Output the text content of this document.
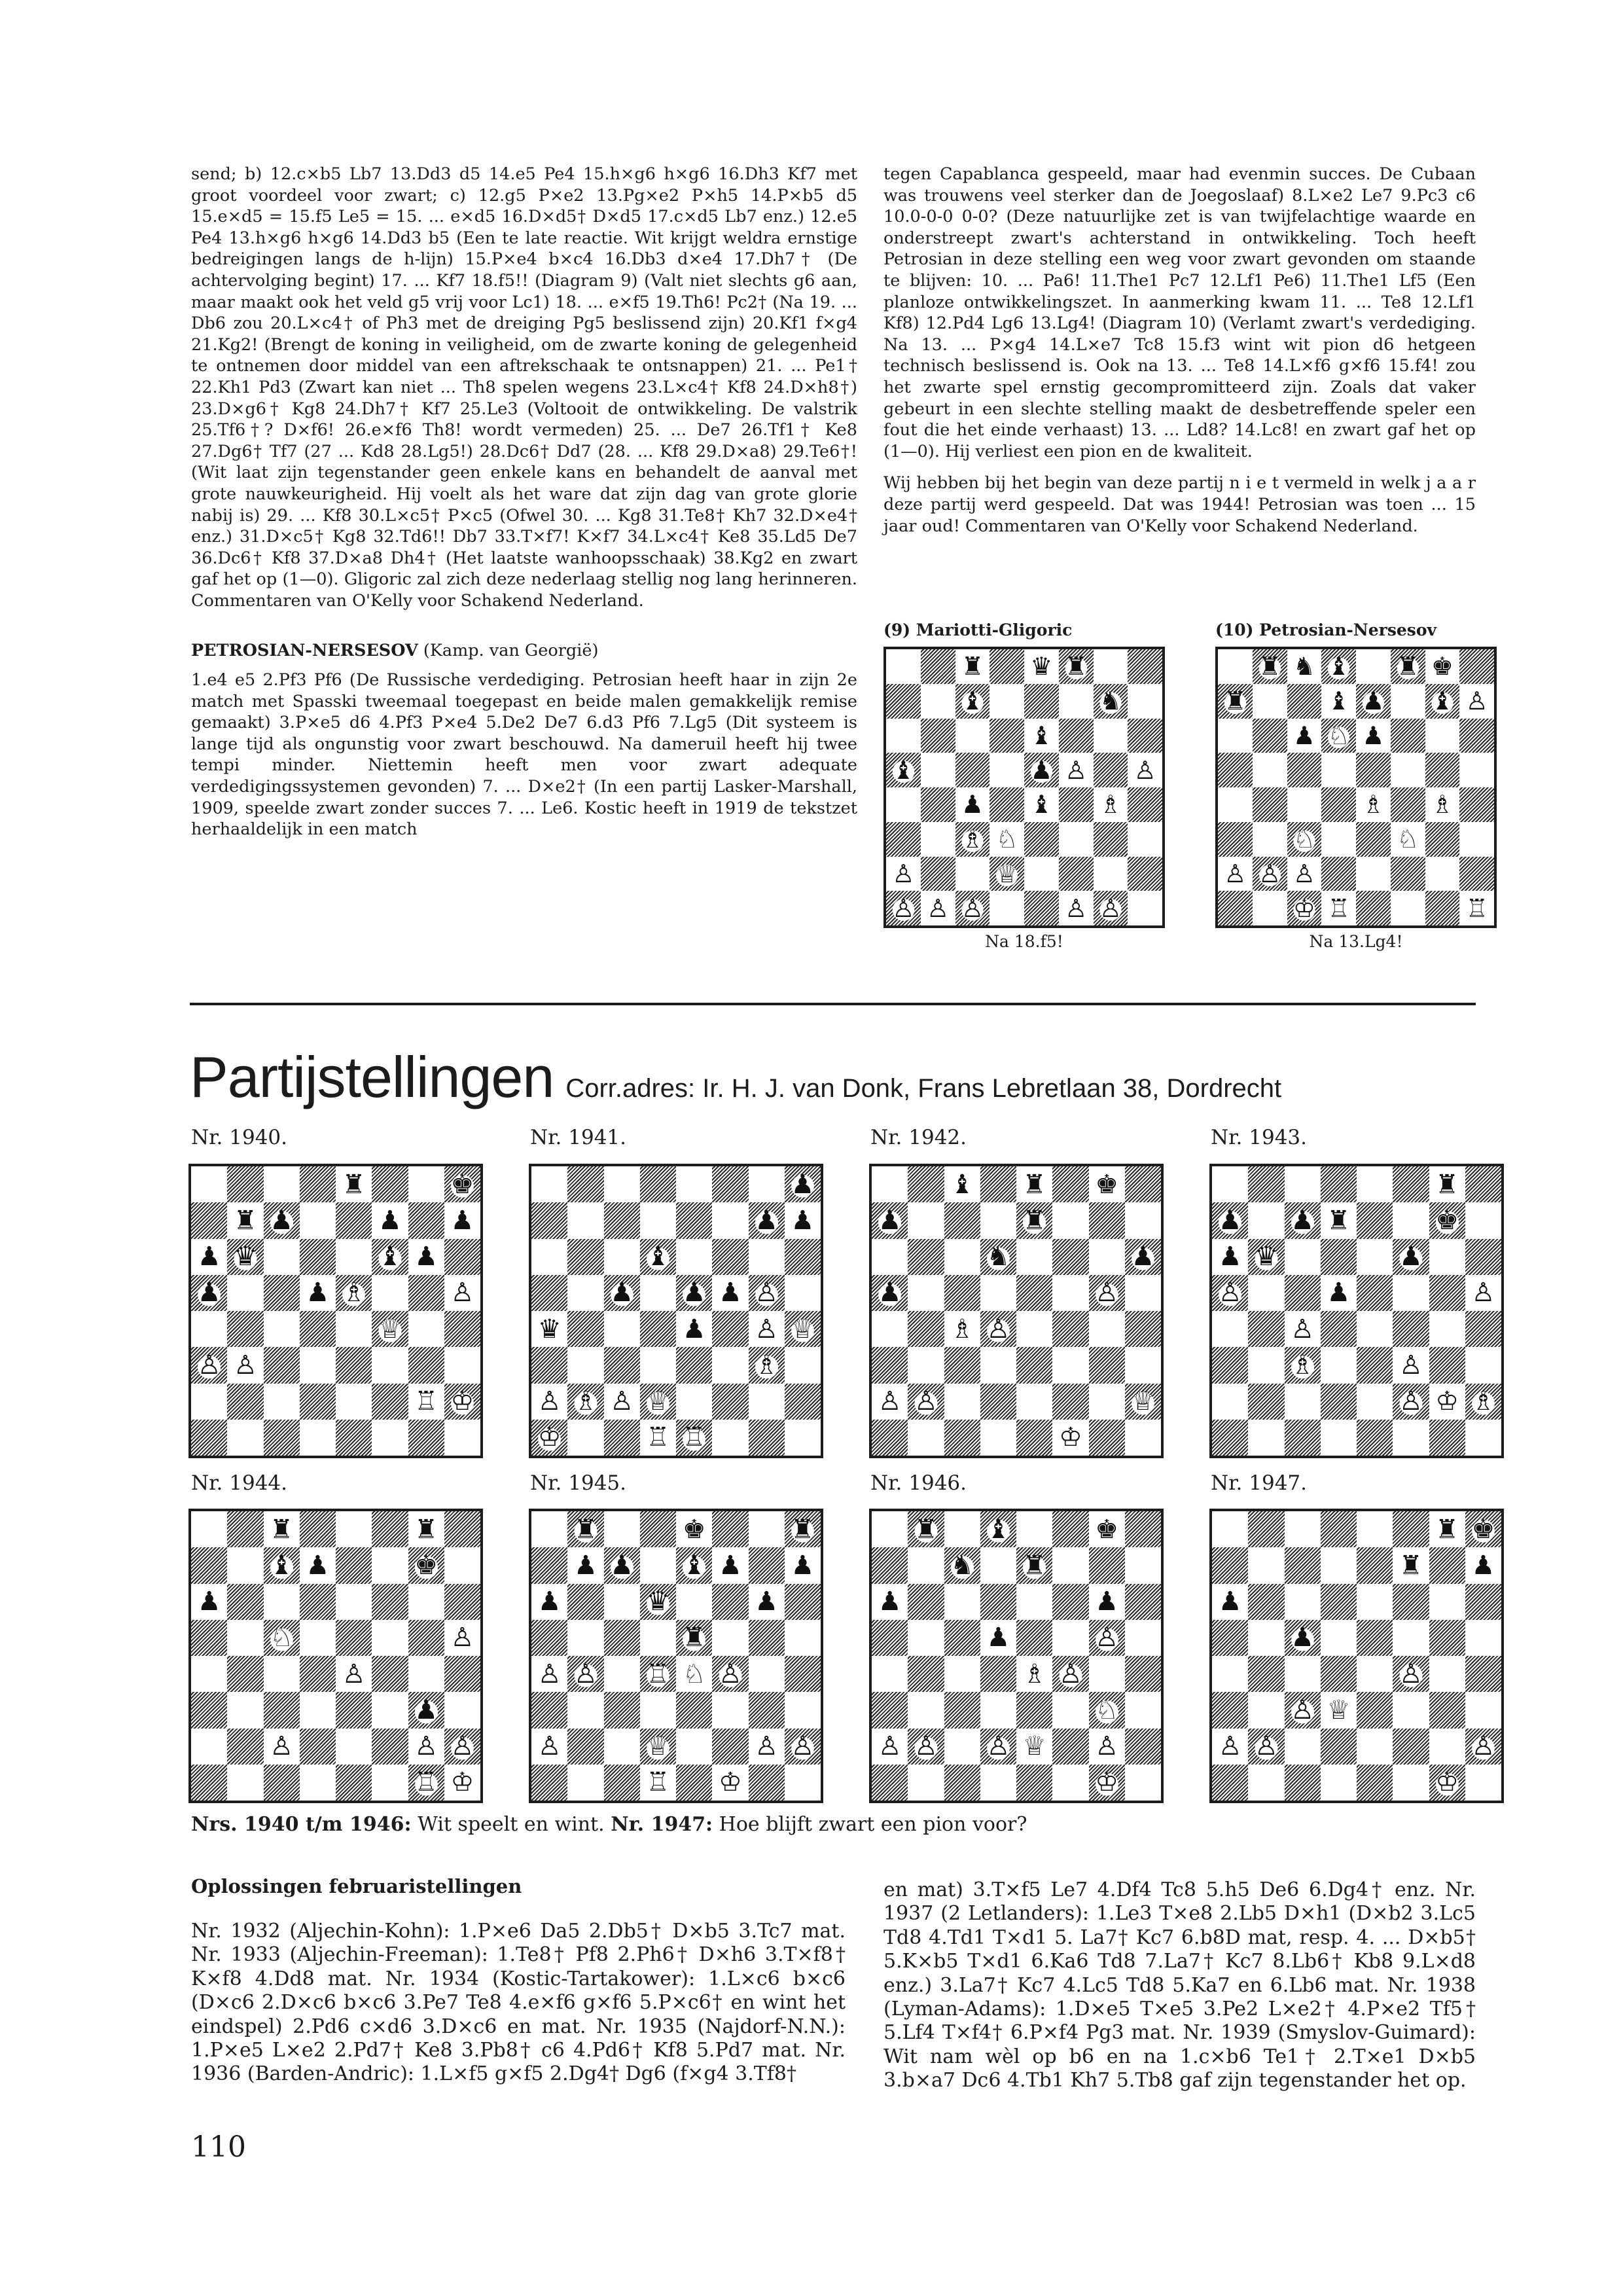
send; b) 12.c×b5 Lb7 13.Dd3 d5 14.e5 Pe4 15.h×g6 h×g6 16.Dh3 Kf7 met groot voordeel voor zwart; c) 12.g5 P×e2 13.Pg×e2 P×h5 14.P×b5 d5 15.e×d5 = 15.f5 Le5 = 15. ... e×d5 16.D×d5† D×d5 17.c×d5 Lb7 enz.) 12.e5 Pe4 13.h×g6 h×g6 14.Dd3 b5 (Een te late reactie. Wit krijgt weldra ernstige bedreigingen langs de h-lijn) 15.P×e4 b×c4 16.Db3 d×e4 17.Dh7† (De achtervolging begint) 17. ... Kf7 18.f5!! (Diagram 9) (Valt niet slechts g6 aan, maar maakt ook het veld g5 vrij voor Lc1) 18. ... e×f5 19.Th6! Pc2† (Na 19. ... Db6 zou 20.L×c4† of Ph3 met de dreiging Pg5 beslissend zijn) 20.Kf1 f×g4 21.Kg2! (Brengt de koning in veiligheid, om de zwarte koning de gelegenheid te ontnemen door middel van een aftrekschaak te ontsnappen) 21. ... Pe1† 22.Kh1 Pd3 (Zwart kan niet ... Th8 spelen wegens 23.L×c4† Kf8 24.D×h8†) 23.D×g6† Kg8 24.Dh7† Kf7 25.Le3 (Voltooit de ontwikkeling. De valstrik 25.Tf6†? D×f6! 26.e×f6 Th8! wordt vermeden) 25. ... De7 26.Tf1† Ke8 27.Dg6† Tf7 (27 ... Kd8 28.Lg5!) 28.Dc6† Dd7 (28. ... Kf8 29.D×a8) 29.Te6†! (Wit laat zijn tegenstander geen enkele kans en behandelt de aanval met grote nauwkeurigheid. Hij voelt als het ware dat zijn dag van grote glorie nabij is) 29. ... Kf8 30.L×c5† P×c5 (Ofwel 30. ... Kg8 31.Te8† Kh7 32.D×e4† enz.) 31.D×c5† Kg8 32.Td6!! Db7 33.T×f7! K×f7 34.L×c4† Ke8 35.Ld5 De7 36.Dc6† Kf8 37.D×a8 Dh4† (Het laatste wanhoopsschaak) 38.Kg2 en zwart gaf het op (1—0). Gligoric zal zich deze nederlaag stellig nog lang herinneren. Commentaren van O'Kelly voor Schakend Nederland.

PETROSIAN-NERSESOV (Kamp. van Georgië)

1.e4 e5 2.Pf3 Pf6 (De Russische verdediging. Petrosian heeft haar in zijn 2e match met Spasski tweemaal toegepast en beide malen gemakkelijk remise gemaakt) 3.P×e5 d6 4.Pf3 P×e4 5.De2 De7 6.d3 Pf6 7.Lg5 (Dit systeem is lange tijd als ongunstig voor zwart beschouwd. Na dameruil heeft hij twee tempi minder. Niettemin heeft men voor zwart adequate verdedigingssystemen gevonden) 7. ... D×e2† (In een partij Lasker-Marshall, 1909, speelde zwart zonder succes 7. ... Le6. Kostic heeft in 1919 de tekstzet herhaaldelijk in een match

tegen Capablanca gespeeld, maar had evenmin succes. De Cubaan was trouwens veel sterker dan de Joegoslaaf) 8.L×e2 Le7 9.Pc3 c6 10.0-0-0 0-0? (Deze natuurlijke zet is van twijfelachtige waarde en onderstreept zwart's achterstand in ontwikkeling. Toch heeft Petrosian in deze stelling een weg voor zwart gevonden om staande te blijven: 10. ... Pa6! 11.The1 Pc7 12.Lf1 Pe6) 11.The1 Lf5 (Een planloze ontwikkelingszet. In aanmerking kwam 11. ... Te8 12.Lf1 Kf8) 12.Pd4 Lg6 13.Lg4! (Diagram 10) (Verlamt zwart's verdediging. Na 13. ... P×g4 14.L×e7 Tc8 15.f3 wint wit pion d6 hetgeen technisch beslissend is. Ook na 13. ... Te8 14.L×f6 g×f6 15.f4! zou het zwarte spel ernstig gecompromitteerd zijn. Zoals dat vaker gebeurt in een slechte stelling maakt de desbetreffende speler een fout die het einde verhaast) 13. ... Ld8? 14.Lc8! en zwart gaf het op (1—0). Hij verliest een pion en de kwaliteit.

Wij hebben bij het begin van deze partij n i e t vermeld in welk j a a r deze partij werd gespeeld. Dat was 1944! Petrosian was toen ... 15 jaar oud! Commentaren van O'Kelly voor Schakend Nederland.

(9) Mariotti-Gligoric
♜ ♛ ♜
♝	♞
♝
♝	♟ ♙ ♙
♟ ♝ ♗
♗ ♘
♙	♕
♙ ♙ ♙	♙ ♙
Na 18.f5!
(10) Petrosian-Nersesov
♜ ♞ ♝ ♜ ♚
♜	♝ ♟ ♝ ♙
♟ ♘ ♟
♗ ♗
♘	♘
♙ ♙ ♙
♔ ♖	♖
Na 13.Lg4!
Partijstellingen Corr.adres: Ir. H. J. van Donk, Frans Lebretlaan 38, Dordrecht
Nr. 1940.	Nr. 1941.	Nr. 1942.	Nr. 1943.
♜	♚
♜ ♟	♟ ♟
♟ ♛	♝ ♟
♟	♟ ♗	♙
♕
♙ ♙
♖ ♔
♟
♟ ♟
♝
♟ ♟ ♟ ♙
♛	♟ ♙ ♕
♗
♙ ♗ ♙ ♕
♔	♖ ♖
♝ ♜ ♚
♟	♜
♞	♟
♟	♙
♗ ♙
♙ ♙	♕
♔
♜
♟ ♟ ♜	♚
♟ ♛	♟
♙	♟	♙
♙
♗	♙
♙ ♔ ♗
Nr. 1944.	Nr. 1945.	Nr. 1946.	Nr. 1947.
♜	♜
♝ ♟	♚
♟
♘	♙
♙
♟
♙	♙ ♙
♖ ♔
♜	♚	♜
♟ ♟ ♝ ♟ ♟
♟	♛	♟
♜
♙ ♙ ♖ ♘ ♙
♙	♕	♙ ♙
♖ ♔
♜ ♝	♚
♞ ♜
♟	♟
♟	♙
♗ ♙
♘
♙ ♙ ♙ ♕ ♙
♔
♜ ♚
♜ ♟
♟
♟
♙
♙ ♕
♙ ♙	♙
♔
Nrs. 1940 t/m 1946: Wit speelt en wint. Nr. 1947: Hoe blijft zwart een pion voor?
Oplossingen februaristellingen
Nr. 1932 (Aljechin-Kohn): 1.P×e6 Da5 2.Db5† D×b5 3.Tc7 mat. Nr. 1933 (Aljechin-Freeman): 1.Te8† Pf8 2.Ph6† D×h6 3.T×f8† K×f8 4.Dd8 mat. Nr. 1934 (Kostic-Tartakower): 1.L×c6 b×c6 (D×c6 2.D×c6 b×c6 3.Pe7 Te8 4.e×f6 g×f6 5.P×c6† en wint het eindspel) 2.Pd6 c×d6 3.D×c6 en mat. Nr. 1935 (Najdorf-N.N.): 1.P×e5 L×e2 2.Pd7† Ke8 3.Pb8† c6 4.Pd6† Kf8 5.Pd7 mat. Nr. 1936 (Barden-Andric): 1.L×f5 g×f5 2.Dg4† Dg6 (f×g4 3.Tf8†
en mat) 3.T×f5 Le7 4.Df4 Tc8 5.h5 De6 6.Dg4† enz. Nr. 1937 (2 Letlanders): 1.Le3 T×e8 2.Lb5 D×h1 (D×b2 3.Lc5 Td8 4.Td1 T×d1 5. La7† Kc7 6.b8D mat, resp. 4. ... D×b5† 5.K×b5 T×d1 6.Ka6 Td8 7.La7† Kc7 8.Lb6† Kb8 9.L×d8 enz.) 3.La7† Kc7 4.Lc5 Td8 5.Ka7 en 6.Lb6 mat. Nr. 1938 (Lyman-Adams): 1.D×e5 T×e5 3.Pe2 L×e2† 4.P×e2 Tf5† 5.Lf4 T×f4† 6.P×f4 Pg3 mat. Nr. 1939 (Smyslov-Guimard): Wit nam wèl op b6 en na 1.c×b6 Te1† 2.T×e1 D×b5 3.b×a7 Dc6 4.Tb1 Kh7 5.Tb8 gaf zijn tegenstander het op.
110
